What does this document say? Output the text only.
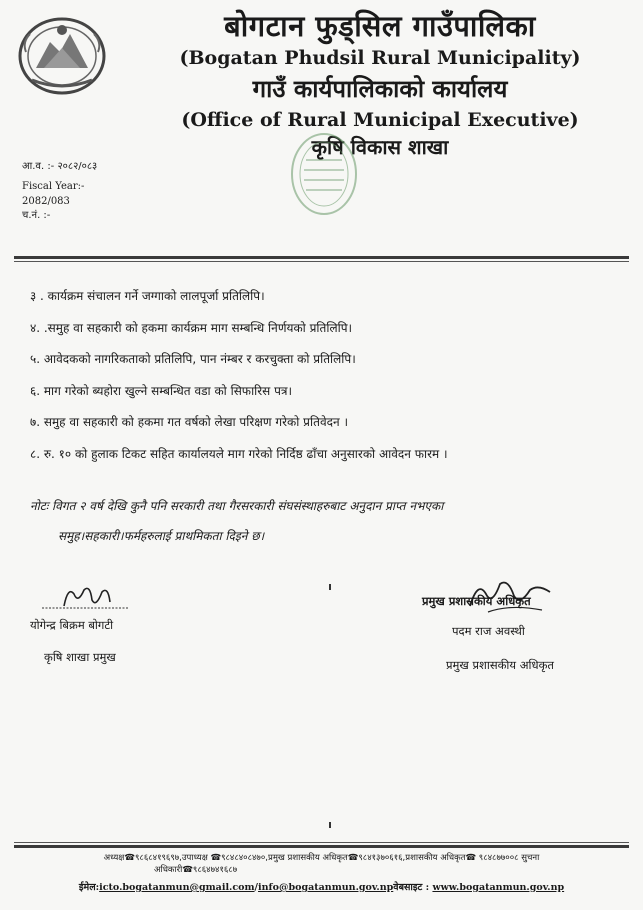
बोगटान फुड्सिल गाउँपालिका
(Bogatan Phudsil Rural Municipality)
गाउँ कार्यपालिकाको कार्यालय
(Office of Rural Municipal Executive)
कृषि विकास शाखा
आ.व. :- २०८२/०८३
Fiscal Year:-
2082/083
च.नं. :-
३ . कार्यक्रम संचालन गर्ने जग्गाको लालपूर्जा प्रतिलिपि।
४. .समुह वा सहकारी को हकमा कार्यक्रम माग सम्बन्धि निर्णयको प्रतिलिपि।
५. आवेदकको नागरिकताको प्रतिलिपि, पान नंम्बर र करचुक्ता को प्रतिलिपि।
६. माग गरेको ब्यहोरा खुल्ने सम्बन्धित वडा को सिफारिस पत्र।
७. समुह वा सहकारी को हकमा गत वर्षको लेखा परिक्षण गरेको प्रतिवेदन ।
८. रु. १० को हुलाक टिकट सहित कार्यालयले माग गरेको निर्दिष्ठ ढाँचा अनुसारको आवेदन फारम ।
नोटः विगत २ वर्ष देखि कुनै पनि सरकारी तथा गैरसरकारी संघसंस्थाहरुबाट अनुदान प्राप्त नभएका
समुह।सहकारी।फर्महरुलाई प्राथमिकता दिइने छ।
योगेन्द्र बिक्रम बोगटी
कृषि शाखा प्रमुख
प्रमुख प्रशासकीय अधिकृत
पदम राज अवस्थी
प्रमुख प्रशासकीय अधिकृत
अध्यक्ष☎९८६८४१९६९७,उपाध्यक्ष ☎९८४८४०८४७०,प्रमुख प्रशासकीय अधिकृत☎९८४१३७०६१६,प्रशासकीय अधिकृत☎ ९८४८७७००८ सुचना
अधिकारी☎९८६४७४१६८७
ईमेल:icto.bogatanmun@gmail.com/info@bogatanmun.gov.npवेबसाइट : www.bogatanmun.gov.np
